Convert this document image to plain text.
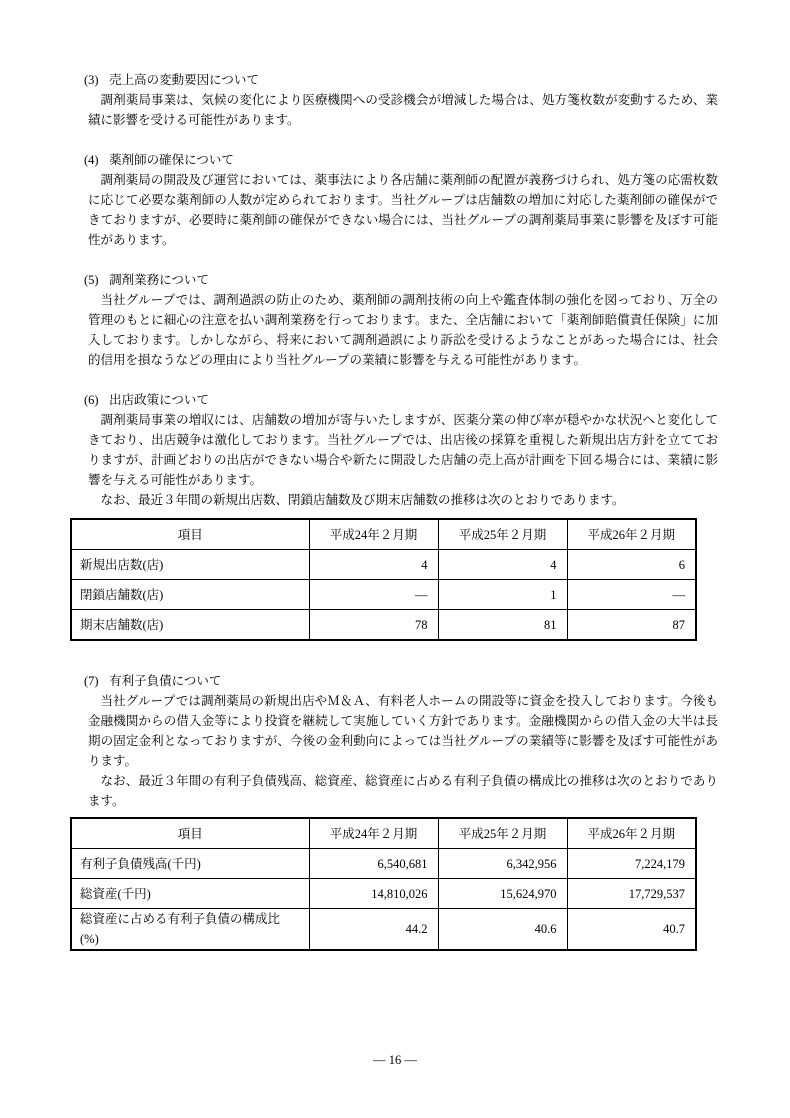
(3) 売上高の変動要因について

調剤薬局事業は、気候の変化により医療機関への受診機会が増減した場合は、処方箋枚数が変動するため、業績に影響を受ける可能性があります。

(4) 薬剤師の確保について

調剤薬局の開設及び運営においては、薬事法により各店舗に薬剤師の配置が義務づけられ、処方箋の応需枚数に応じて必要な薬剤師の人数が定められております。当社グループは店舗数の増加に対応した薬剤師の確保ができておりますが、必要時に薬剤師の確保ができない場合には、当社グループの調剤薬局事業に影響を及ぼす可能性があります。

(5) 調剤業務について

当社グループでは、調剤過誤の防止のため、薬剤師の調剤技術の向上や鑑査体制の強化を図っており、万全の管理のもとに細心の注意を払い調剤業務を行っております。また、全店舗において「薬剤師賠償責任保険」に加入しております。しかしながら、将来において調剤過誤により訴訟を受けるようなことがあった場合には、社会的信用を損なうなどの理由により当社グループの業績に影響を与える可能性があります。

(6) 出店政策について

調剤薬局事業の増収には、店舗数の増加が寄与いたしますが、医薬分業の伸び率が穏やかな状況へと変化してきており、出店競争は激化しております。当社グループでは、出店後の採算を重視した新規出店方針を立てておりますが、計画どおりの出店ができない場合や新たに開設した店舗の売上高が計画を下回る場合には、業績に影響を与える可能性があります。

なお、最近３年間の新規出店数、閉鎖店舗数及び期末店舗数の推移は次のとおりであります。

項目	平成24年２月期	平成25年２月期	平成26年２月期
新規出店数(店)	4	4	6
閉鎖店舗数(店)	―	1	―
期末店舗数(店)	78	81	87
(7) 有利子負債について

当社グループでは調剤薬局の新規出店やＭ＆Ａ、有料老人ホームの開設等に資金を投入しております。今後も金融機関からの借入金等により投資を継続して実施していく方針であります。金融機関からの借入金の大半は長期の固定金利となっておりますが、今後の金利動向によっては当社グループの業績等に影響を及ぼす可能性があります。

なお、最近３年間の有利子負債残高、総資産、総資産に占める有利子負債の構成比の推移は次のとおりであります。

項目	平成24年２月期	平成25年２月期	平成26年２月期
有利子負債残高(千円)	6,540,681	6,342,956	7,224,179
総資産(千円)	14,810,026	15,624,970	17,729,537
総資産に占める有利子負債の構成比(%)	44.2	40.6	40.7
― 16 ―
